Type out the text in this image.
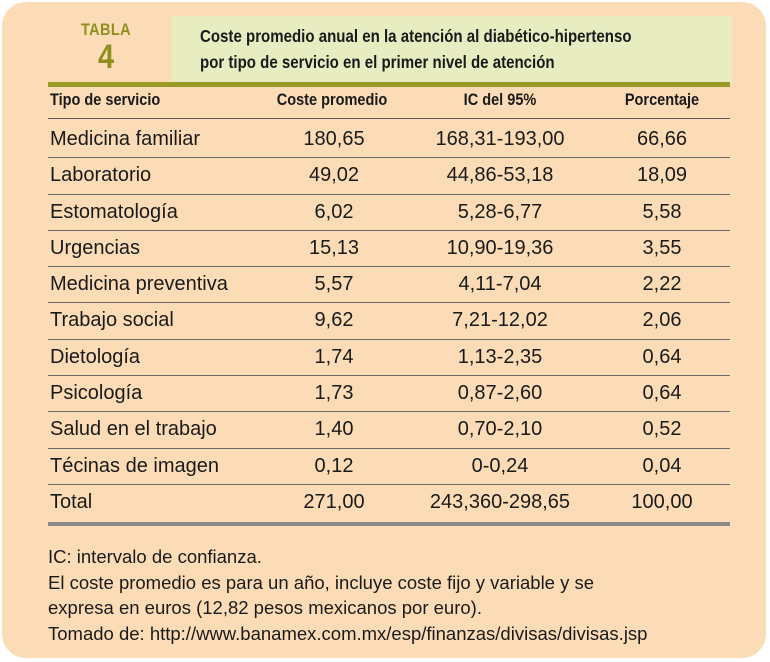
TABLA
4
Coste promedio anual en la atención al diabético-hipertenso
por tipo de servicio en el primer nivel de atención
Tipo de servicio	Coste promedio	IC del 95%	Porcentaje
Medicina familiar	180,65	168,31-193,00	66,66
Laboratorio	49,02	44,86-53,18	18,09
Estomatología	6,02	5,28-6,77	5,58
Urgencias	15,13	10,90-19,36	3,55
Medicina preventiva	5,57	4,11-7,04	2,22
Trabajo social	9,62	7,21-12,02	2,06
Dietología	1,74	1,13-2,35	0,64
Psicología	1,73	0,87-2,60	0,64
Salud en el trabajo	1,40	0,70-2,10	0,52
Técinas de imagen	0,12	0-0,24	0,04
Total	271,00	243,360-298,65	100,00
IC: intervalo de confianza.
El coste promedio es para un año, incluye coste fijo y variable y se
expresa en euros (12,82 pesos mexicanos por euro).
Tomado de: http://www.banamex.com.mx/esp/finanzas/divisas/divisas.jsp
